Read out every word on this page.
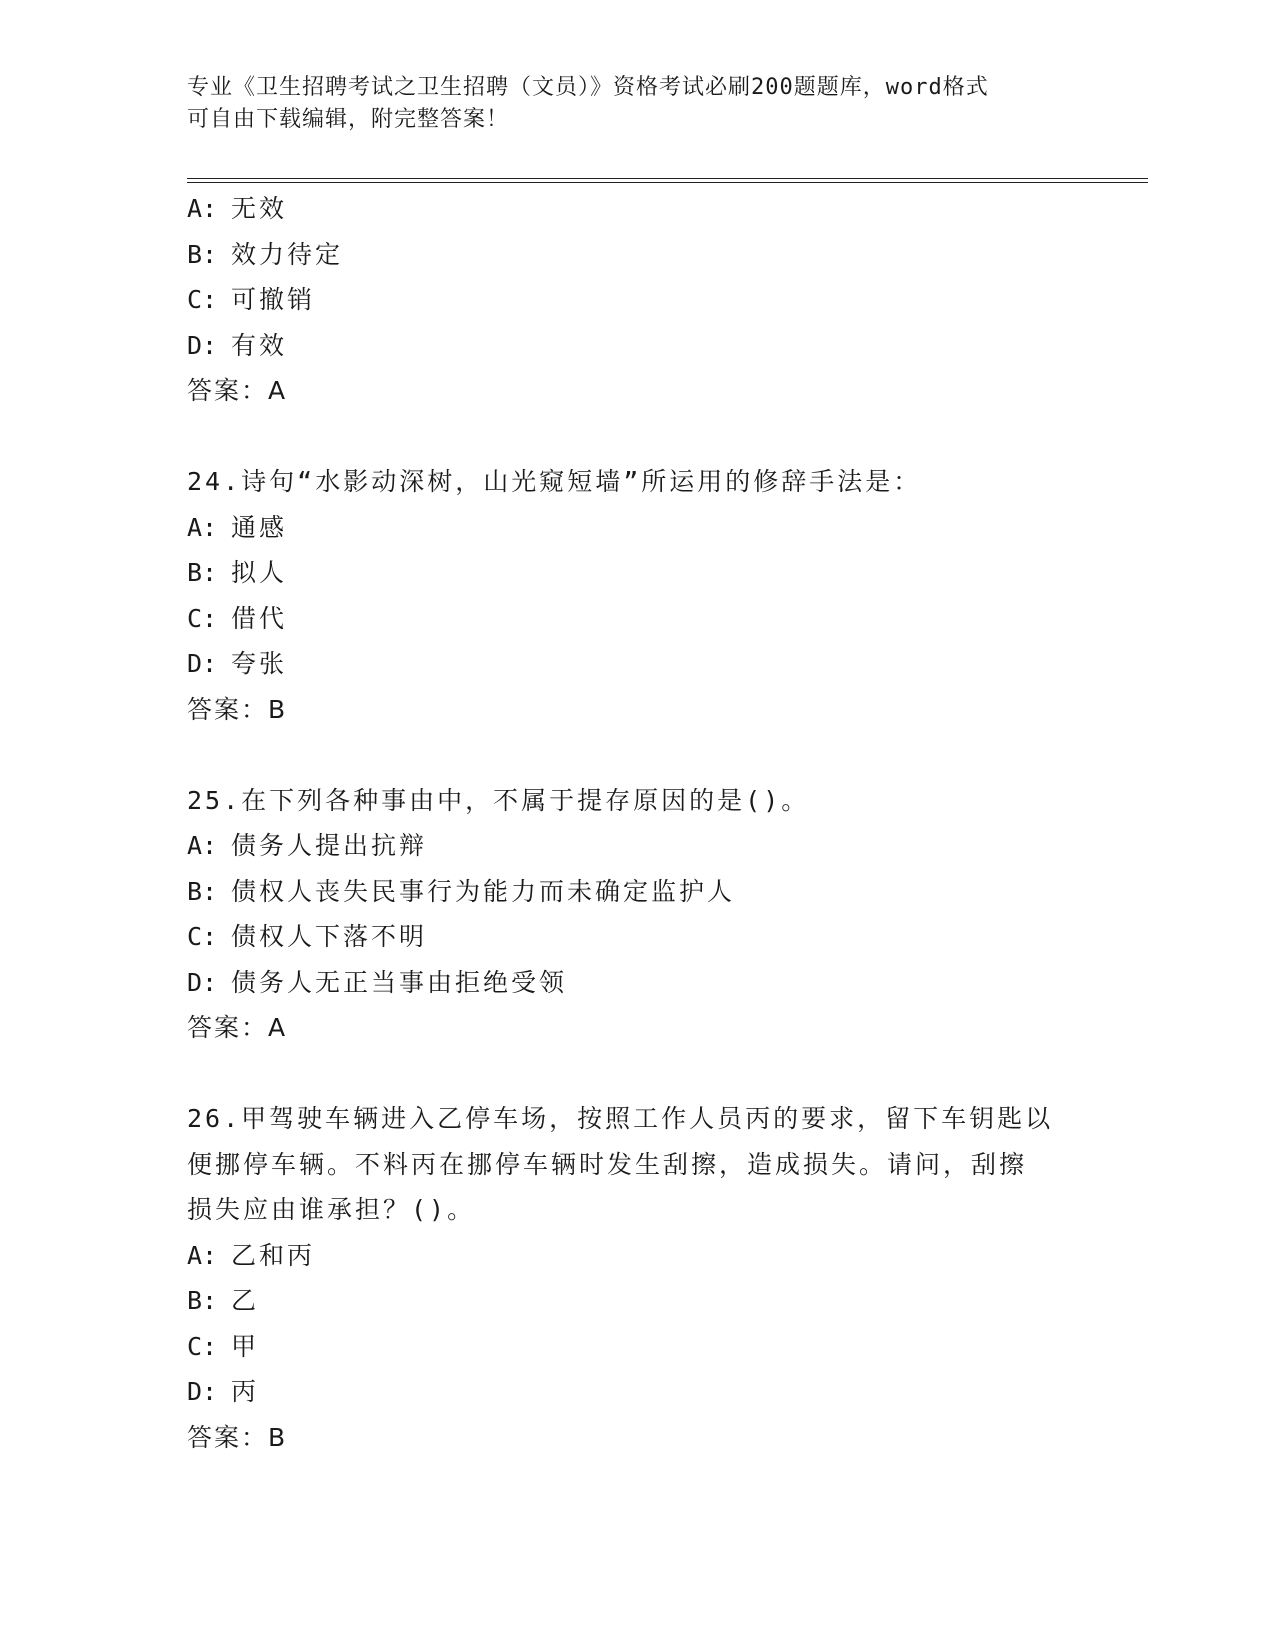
专业《卫生招聘考试之卫生招聘（文员）》资格考试必刷200题题库，word格式
可自由下载编辑，附完整答案！
A: 无效
B: 效力待定
C: 可撤销
D: 有效
答案：A
24.诗句“水影动深树，山光窥短墙”所运用的修辞手法是：
A: 通感
B: 拟人
C: 借代
D: 夸张
答案：B
25.在下列各种事由中，不属于提存原因的是()。
A: 债务人提出抗辩
B: 债权人丧失民事行为能力而未确定监护人
C: 债权人下落不明
D: 债务人无正当事由拒绝受领
答案：A
26.甲驾驶车辆进入乙停车场，按照工作人员丙的要求，留下车钥匙以
便挪停车辆。不料丙在挪停车辆时发生刮擦，造成损失。请问，刮擦
损失应由谁承担？()。
A: 乙和丙
B: 乙
C: 甲
D: 丙
答案：B
